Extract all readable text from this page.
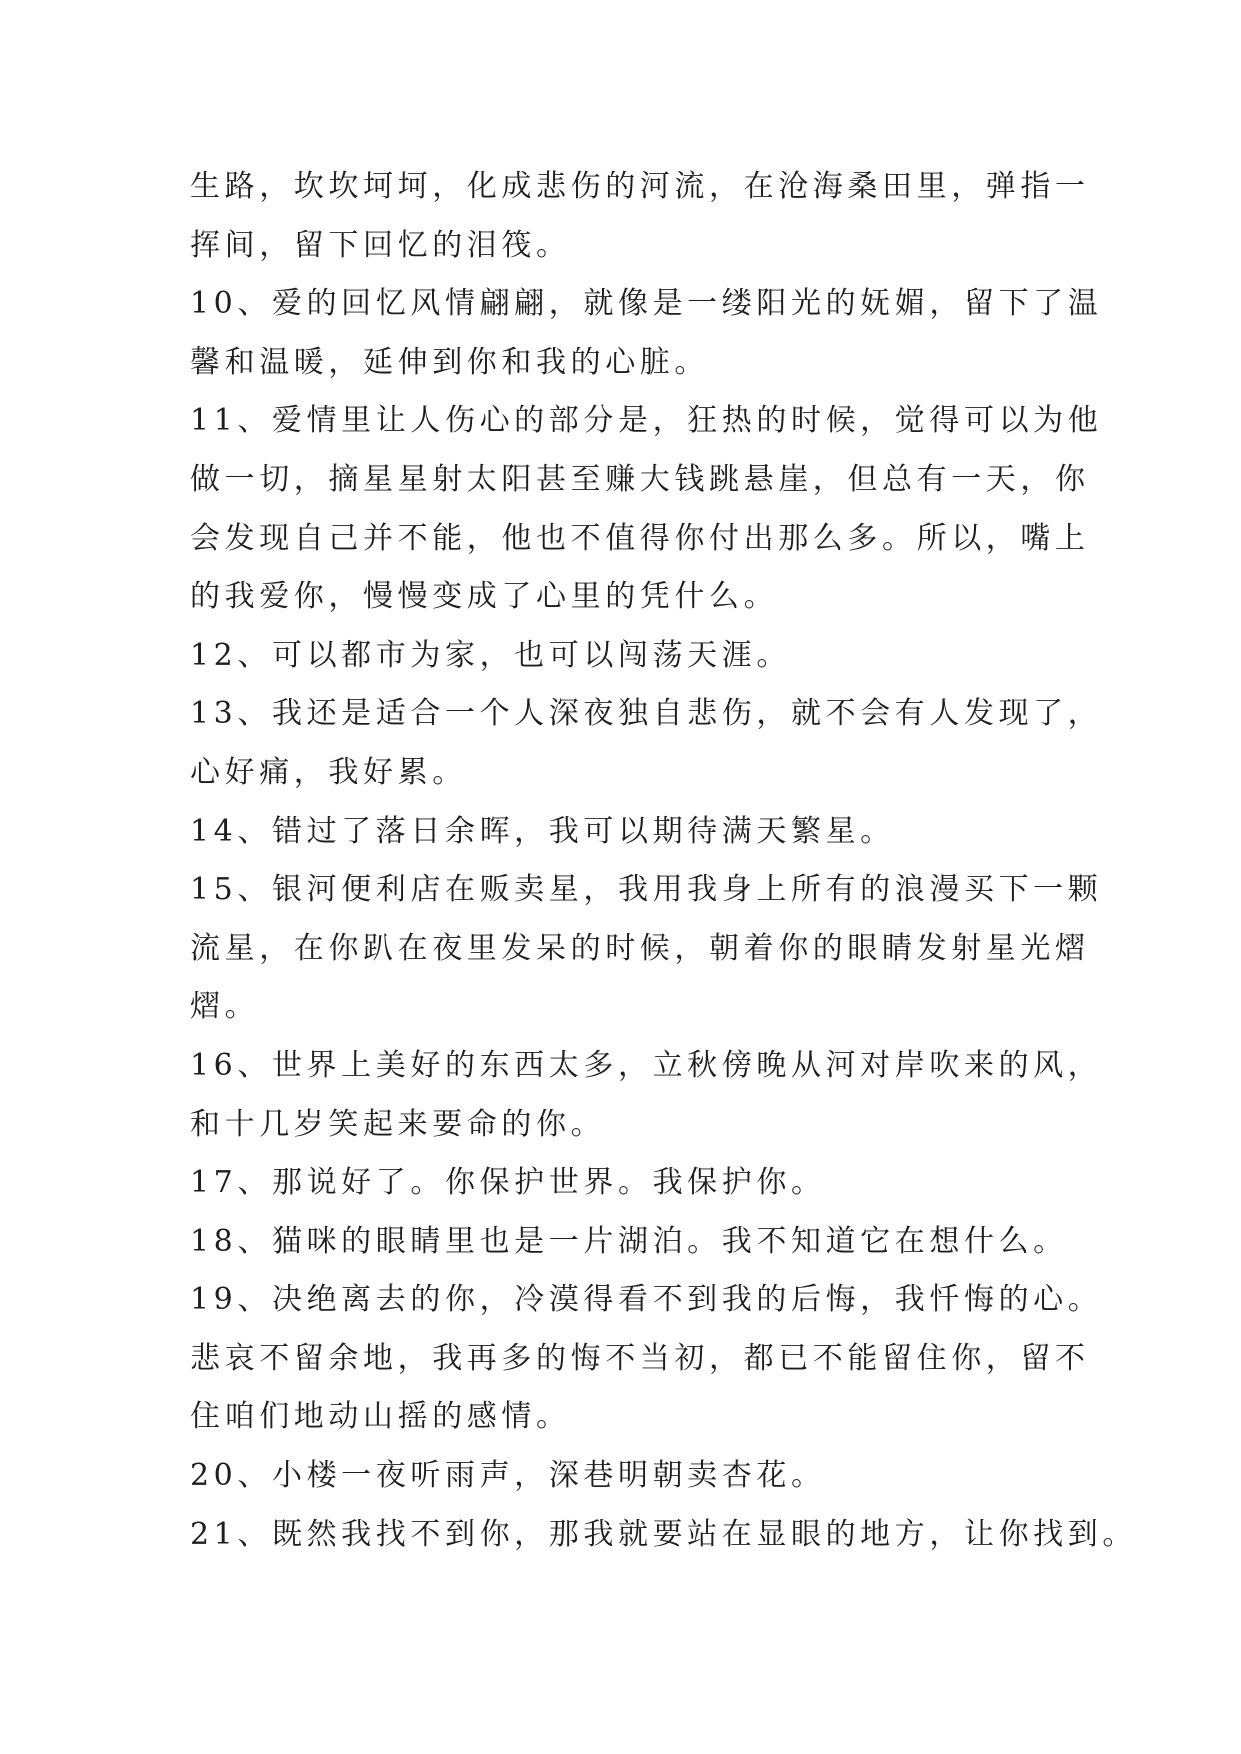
生路，坎坎坷坷，化成悲伤的河流，在沧海桑田里，弹指一
挥间，留下回忆的泪筏。
10、爱的回忆风情翩翩，就像是一缕阳光的妩媚，留下了温
馨和温暖，延伸到你和我的心脏。
11、爱情里让人伤心的部分是，狂热的时候，觉得可以为他
做一切，摘星星射太阳甚至赚大钱跳悬崖，但总有一天，你
会发现自己并不能，他也不值得你付出那么多。所以，嘴上
的我爱你，慢慢变成了心里的凭什么。
12、可以都市为家，也可以闯荡天涯。
13、我还是适合一个人深夜独自悲伤，就不会有人发现了，
心好痛，我好累。
14、错过了落日余晖，我可以期待满天繁星。
15、银河便利店在贩卖星，我用我身上所有的浪漫买下一颗
流星，在你趴在夜里发呆的时候，朝着你的眼睛发射星光熠
熠。
16、世界上美好的东西太多，立秋傍晚从河对岸吹来的风，
和十几岁笑起来要命的你。
17、那说好了。你保护世界。我保护你。
18、猫咪的眼睛里也是一片湖泊。我不知道它在想什么。
19、决绝离去的你，冷漠得看不到我的后悔，我忏悔的心。
悲哀不留余地，我再多的悔不当初，都已不能留住你，留不
住咱们地动山摇的感情。
20、小楼一夜听雨声，深巷明朝卖杏花。
21、既然我找不到你，那我就要站在显眼的地方，让你找到。
